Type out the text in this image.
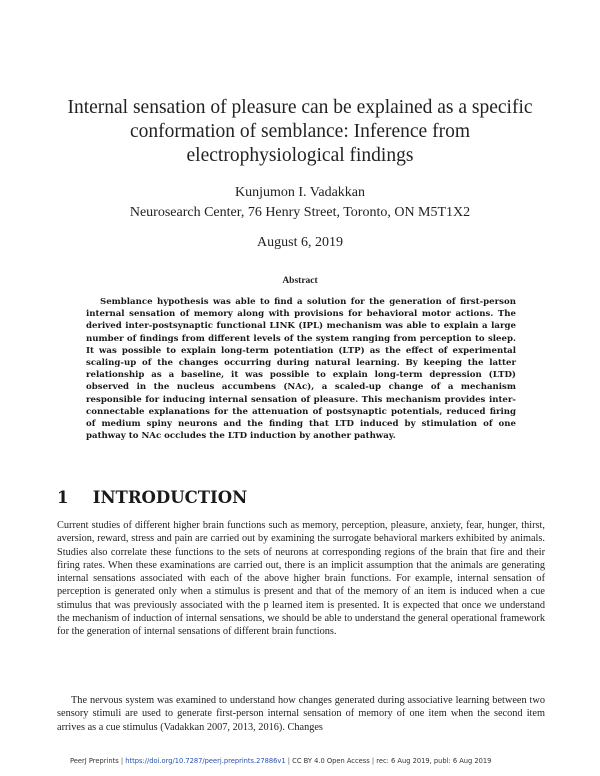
Internal sensation of pleasure can be explained as a specific
conformation of semblance: Inference from
electrophysiological findings
Kunjumon I. Vadakkan
Neurosearch Center, 76 Henry Street, Toronto, ON M5T1X2
August 6, 2019
Abstract

Semblance hypothesis was able to find a solution for the generation of first-person internal sensation of memory along with provisions for behavioral motor actions. The derived inter-postsynaptic functional LINK (IPL) mechanism was able to explain a large number of findings from different levels of the system ranging from perception to sleep. It was possible to explain long-term potentiation (LTP) as the effect of experimental scaling-up of the changes occurring during natural learning. By keeping the latter relationship as a baseline, it was possible to explain long-term depression (LTD) observed in the nucleus accumbens (NAc), a scaled-up change of a mechanism responsible for inducing internal sensation of pleasure. This mechanism provides inter-connectable explanations for the attenuation of postsynaptic potentials, reduced firing of medium spiny neurons and the finding that LTD induced by stimulation of one pathway to NAc occludes the LTD induction by another pathway.

1 INTRODUCTION

Current studies of different higher brain functions such as memory, perception, pleasure, anxiety, fear, hunger, thirst, aversion, reward, stress and pain are carried out by examining the surrogate behavioral markers exhibited by animals. Studies also correlate these functions to the sets of neurons at corresponding regions of the brain that fire and their firing rates. When these examinations are carried out, there is an implicit assumption that the animals are generating internal sensations associated with each of the above higher brain functions. For example, internal sensation of perception is generated only when a stimulus is present and that of the memory of an item is induced when a cue stimulus that was previously associated with the p learned item is presented. It is expected that once we understand the mechanism of induction of internal sensations, we should be able to understand the general operational framework for the generation of internal sensations of different brain functions.

The nervous system was examined to understand how changes generated during associative learning between two sensory stimuli are used to generate first-person internal sensation of memory of one item when the second item arrives as a cue stimulus (Vadakkan 2007, 2013, 2016). Changes

PeerJ Preprints | https://doi.org/10.7287/peerj.preprints.27886v1 | CC BY 4.0 Open Access | rec: 6 Aug 2019, publ: 6 Aug 2019
